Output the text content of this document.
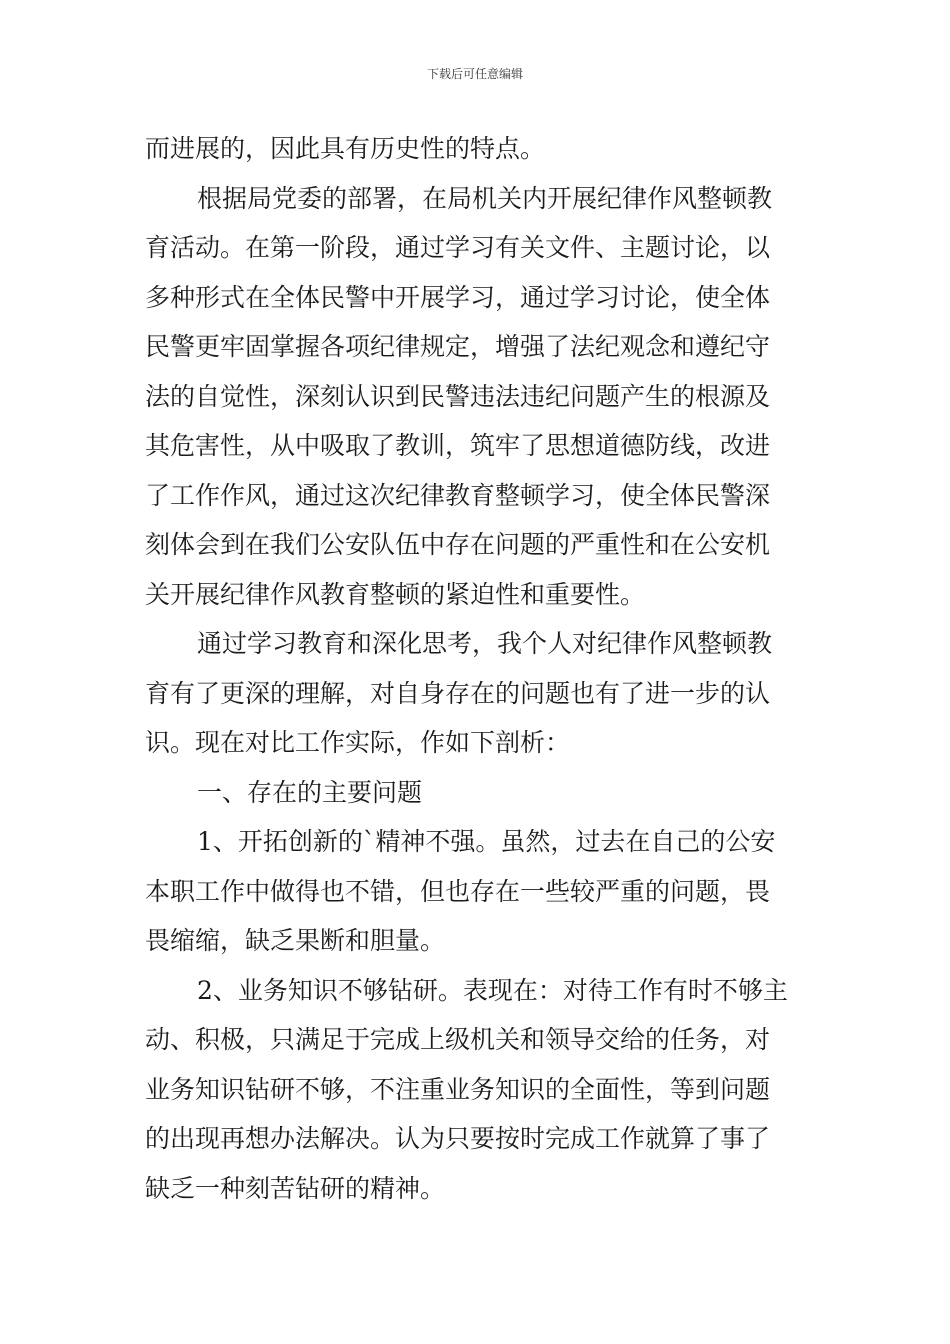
下载后可任意编辑
而进展的，因此具有历史性的特点。
根据局党委的部署，在局机关内开展纪律作风整顿教
育活动。在第一阶段，通过学习有关文件、主题讨论，以
多种形式在全体民警中开展学习，通过学习讨论，使全体
民警更牢固掌握各项纪律规定，增强了法纪观念和遵纪守
法的自觉性，深刻认识到民警违法违纪问题产生的根源及
其危害性，从中吸取了教训，筑牢了思想道德防线，改进
了工作作风，通过这次纪律教育整顿学习，使全体民警深
刻体会到在我们公安队伍中存在问题的严重性和在公安机
关开展纪律作风教育整顿的紧迫性和重要性。
通过学习教育和深化思考，我个人对纪律作风整顿教
育有了更深的理解，对自身存在的问题也有了进一步的认
识。现在对比工作实际，作如下剖析：
一、存在的主要问题
1、开拓创新的`精神不强。虽然，过去在自己的公安
本职工作中做得也不错，但也存在一些较严重的问题，畏
畏缩缩，缺乏果断和胆量。
2、业务知识不够钻研。表现在：对待工作有时不够主
动、积极，只满足于完成上级机关和领导交给的任务，对
业务知识钻研不够，不注重业务知识的全面性，等到问题
的出现再想办法解决。认为只要按时完成工作就算了事了
缺乏一种刻苦钻研的精神。
